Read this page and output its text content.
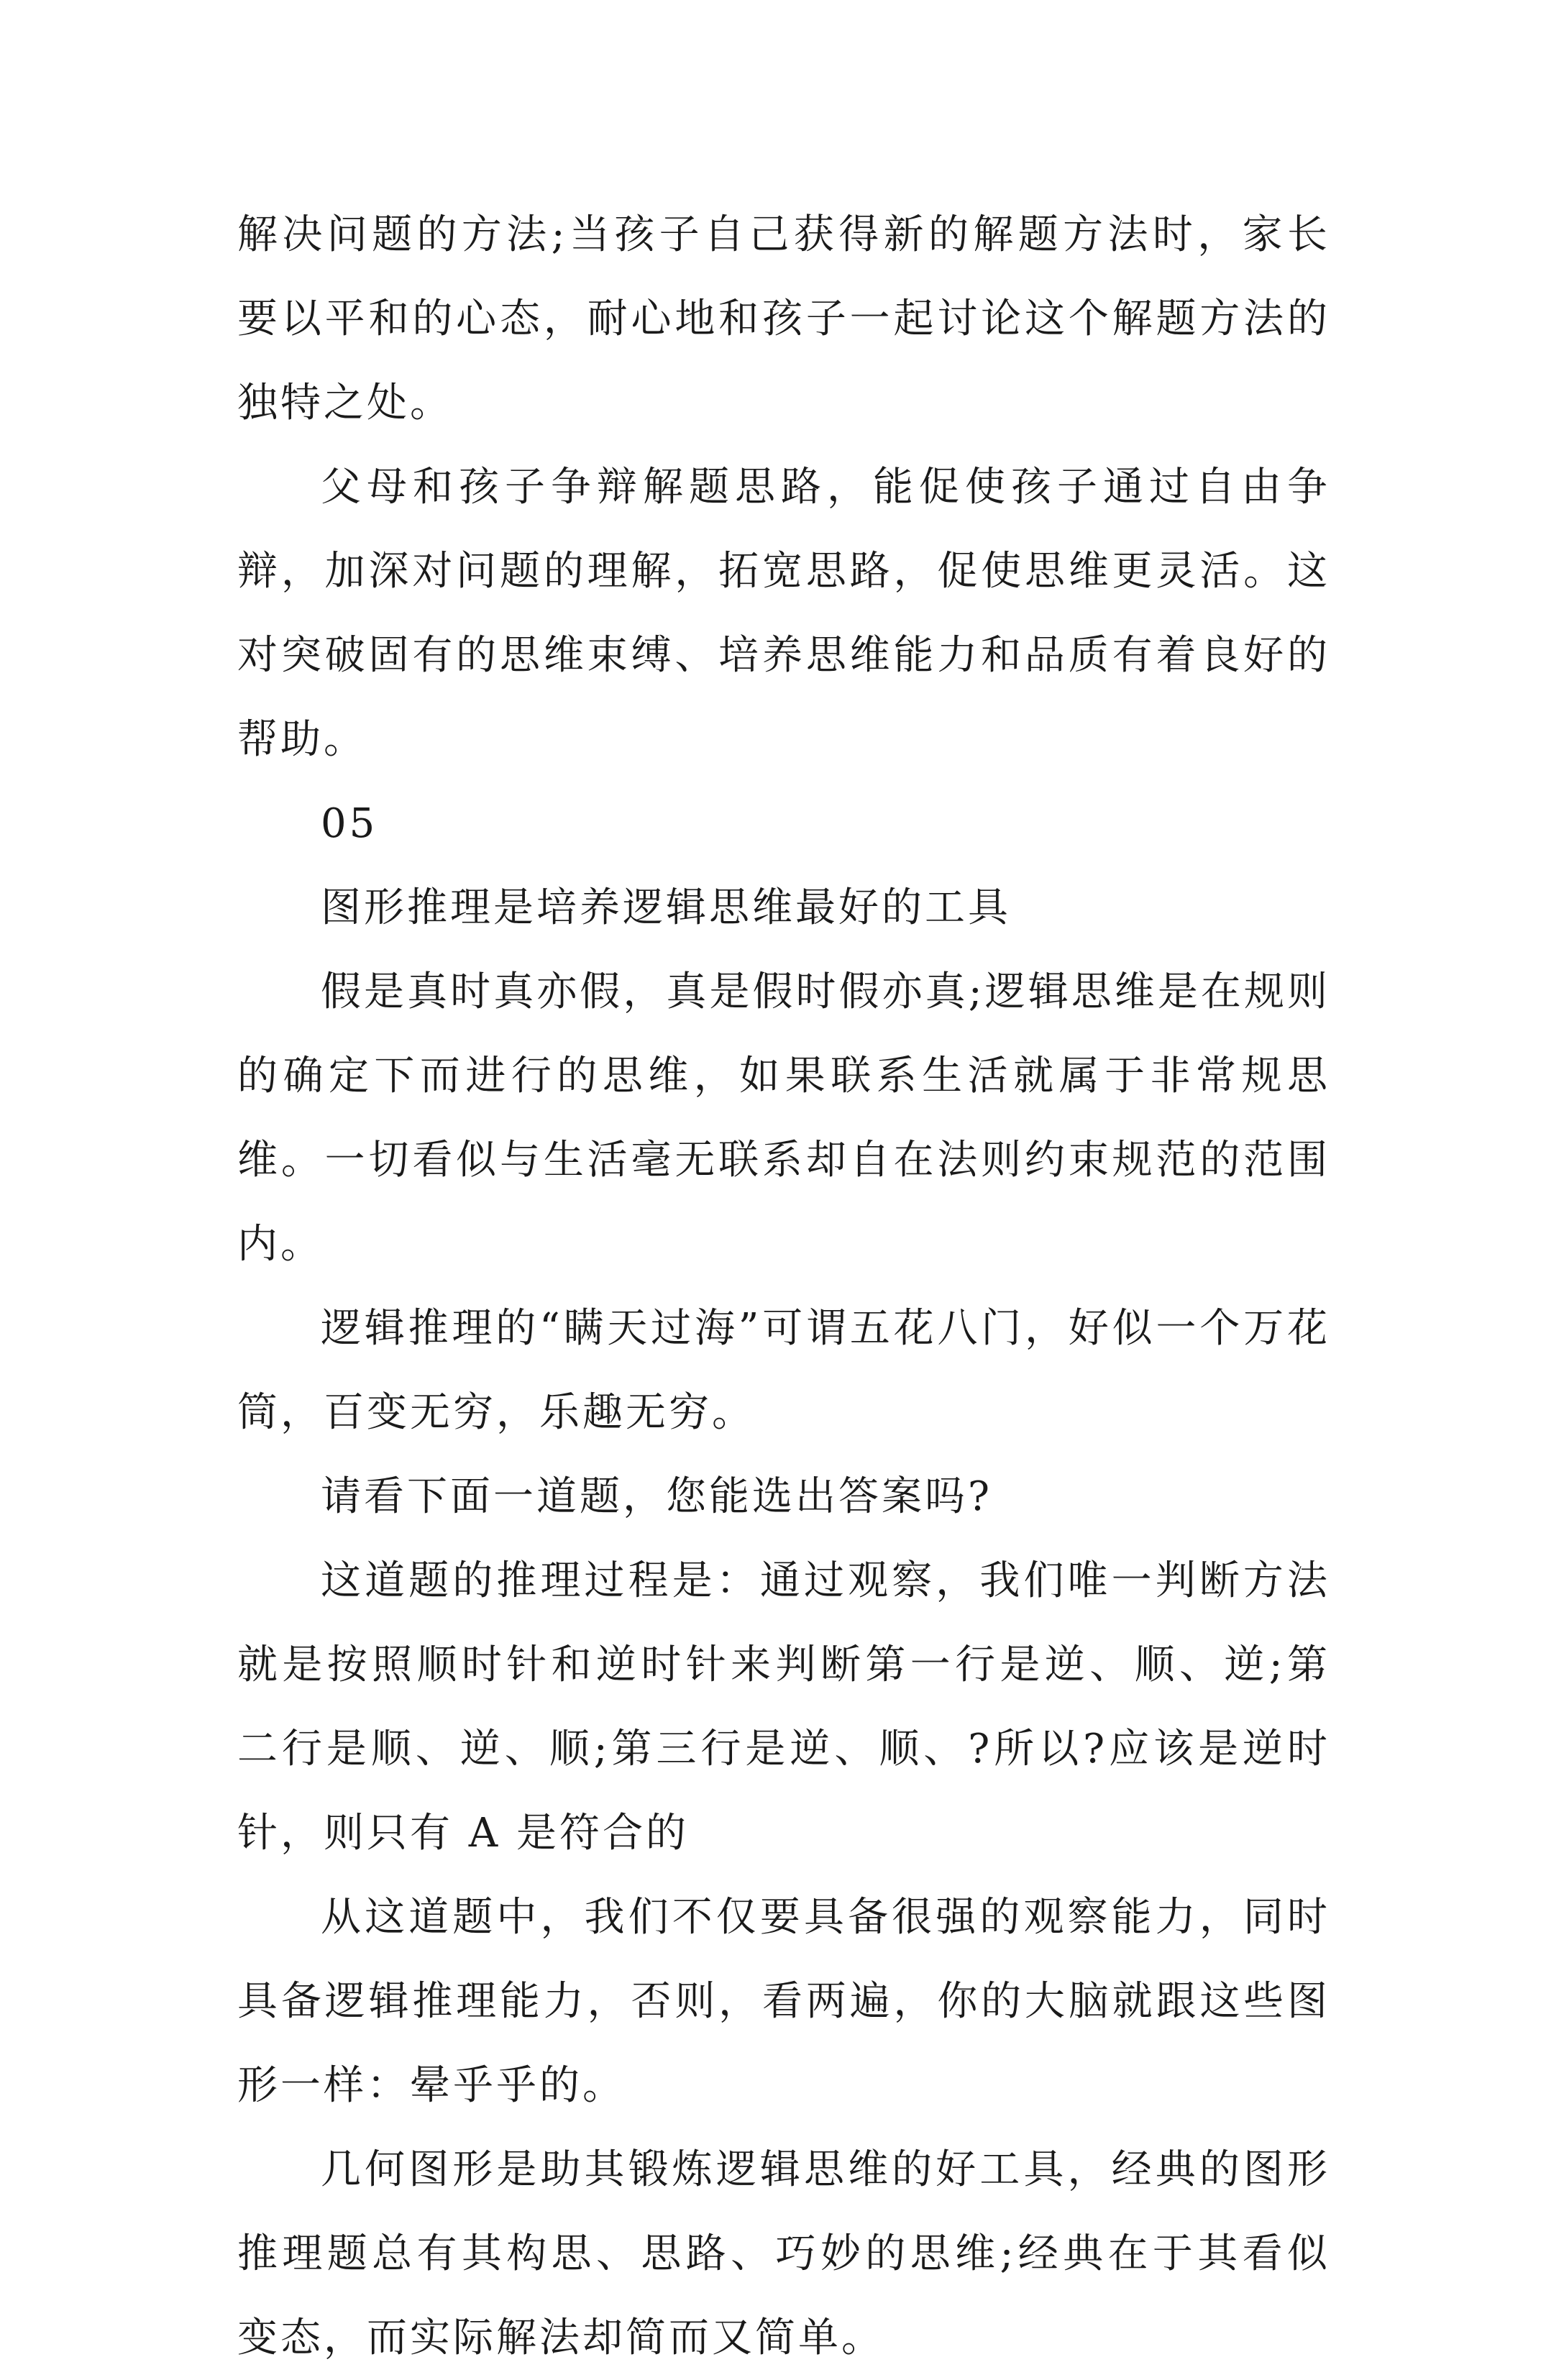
解决问题的方法;当孩子自己获得新的解题方法时，家长要以平和的心态，耐心地和孩子一起讨论这个解题方法的独特之处。

父母和孩子争辩解题思路，能促使孩子通过自由争辩，加深对问题的理解，拓宽思路，促使思维更灵活。这对突破固有的思维束缚、培养思维能力和品质有着良好的帮助。

05

图形推理是培养逻辑思维最好的工具

假是真时真亦假，真是假时假亦真;逻辑思维是在规则的确定下而进行的思维，如果联系生活就属于非常规思维。一切看似与生活毫无联系却自在法则约束规范的范围内。

逻辑推理的“瞒天过海”可谓五花八门，好似一个万花筒，百变无穷，乐趣无穷。

请看下面一道题，您能选出答案吗?

这道题的推理过程是：通过观察，我们唯一判断方法就是按照顺时针和逆时针来判断第一行是逆、顺、逆;第二行是顺、逆、顺;第三行是逆、顺、?所以?应该是逆时针，则只有 A 是符合的

从这道题中，我们不仅要具备很强的观察能力，同时具备逻辑推理能力，否则，看两遍，你的大脑就跟这些图形一样：晕乎乎的。

几何图形是助其锻炼逻辑思维的好工具，经典的图形推理题总有其构思、思路、巧妙的思维;经典在于其看似变态，而实际解法却简而又简单。
